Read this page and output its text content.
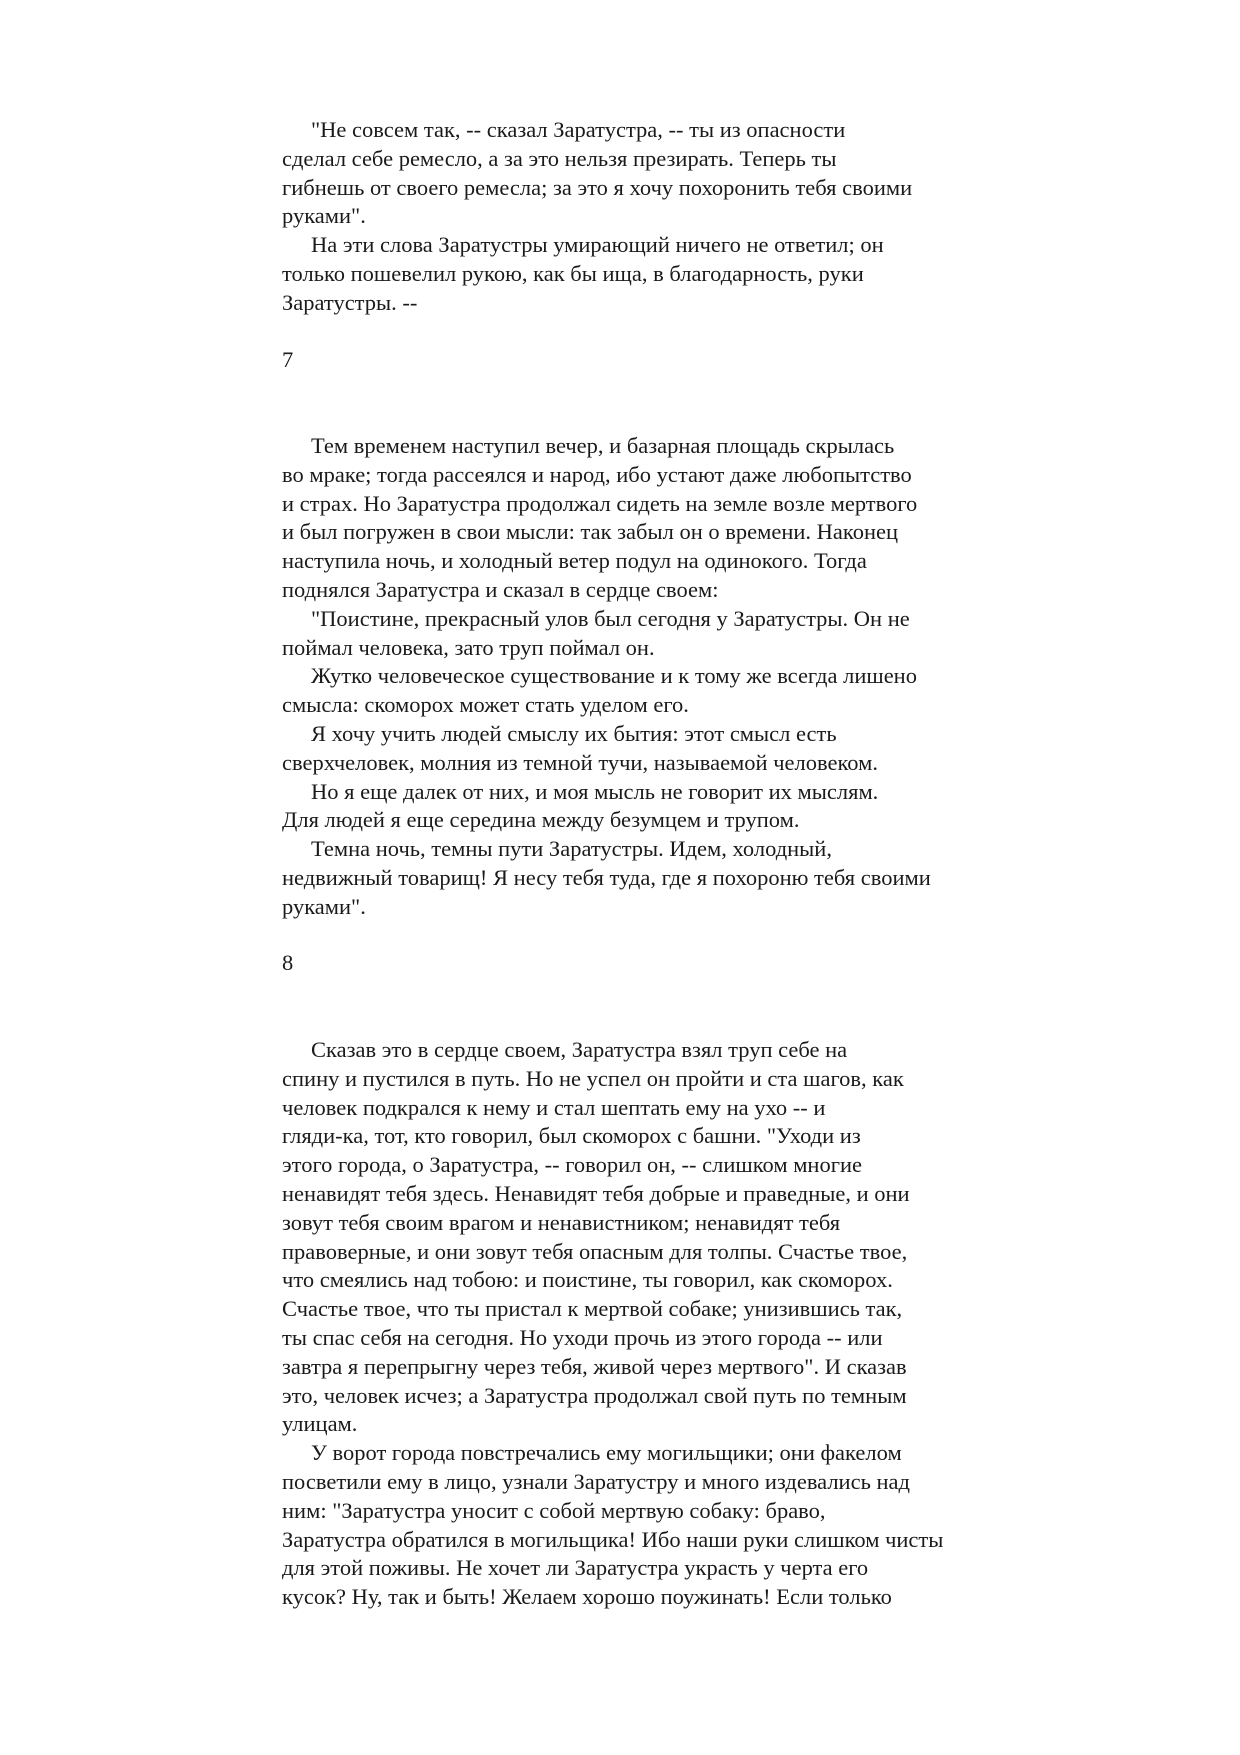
"Не совсем так, -- сказал Заратустра, -- ты из опасности
сделал себе ремесло, а за это нельзя презирать. Теперь ты
гибнешь от своего ремесла; за это я хочу похоронить тебя своими
руками".

На эти слова Заратустры умирающий ничего не ответил; он
только пошевелил рукою, как бы ища, в благодарность, руки
Заратустры. --

7

Тем временем наступил вечер, и базарная площадь скрылась
во мраке; тогда рассеялся и народ, ибо устают даже любопытство
и страх. Но Заратустра продолжал сидеть на земле возле мертвого
и был погружен в свои мысли: так забыл он о времени. Наконец
наступила ночь, и холодный ветер подул на одинокого. Тогда
поднялся Заратустра и сказал в сердце своем:

"Поистине, прекрасный улов был сегодня у Заратустры. Он не
поймал человека, зато труп поймал он.

Жутко человеческое существование и к тому же всегда лишено
смысла: скоморох может стать уделом его.

Я хочу учить людей смыслу их бытия: этот смысл есть
сверхчеловек, молния из темной тучи, называемой человеком.

Но я еще далек от них, и моя мысль не говорит их мыслям.
Для людей я еще середина между безумцем и трупом.

Темна ночь, темны пути Заратустры. Идем, холодный,
недвижный товарищ! Я несу тебя туда, где я похороню тебя своими
руками".

8

Сказав это в сердце своем, Заратустра взял труп себе на
спину и пустился в путь. Но не успел он пройти и ста шагов, как
человек подкрался к нему и стал шептать ему на ухо -- и
гляди-ка, тот, кто говорил, был скоморох с башни. "Уходи из
этого города, о Заратустра, -- говорил он, -- слишком многие
ненавидят тебя здесь. Ненавидят тебя добрые и праведные, и они
зовут тебя своим врагом и ненавистником; ненавидят тебя
правоверные, и они зовут тебя опасным для толпы. Счастье твое,
что смеялись над тобою: и поистине, ты говорил, как скоморох.
Счастье твое, что ты пристал к мертвой собаке; унизившись так,
ты спас себя на сегодня. Но уходи прочь из этого города -- или
завтра я перепрыгну через тебя, живой через мертвого". И сказав
это, человек исчез; а Заратустра продолжал свой путь по темным
улицам.

У ворот города повстречались ему могильщики; они факелом
посветили ему в лицо, узнали Заратустру и много издевались над
ним: "Заратустра уносит с собой мертвую собаку: браво,
Заратустра обратился в могильщика! Ибо наши руки слишком чисты
для этой поживы. Не хочет ли Заратустра украсть у черта его
кусок? Ну, так и быть! Желаем хорошо поужинать! Если только
